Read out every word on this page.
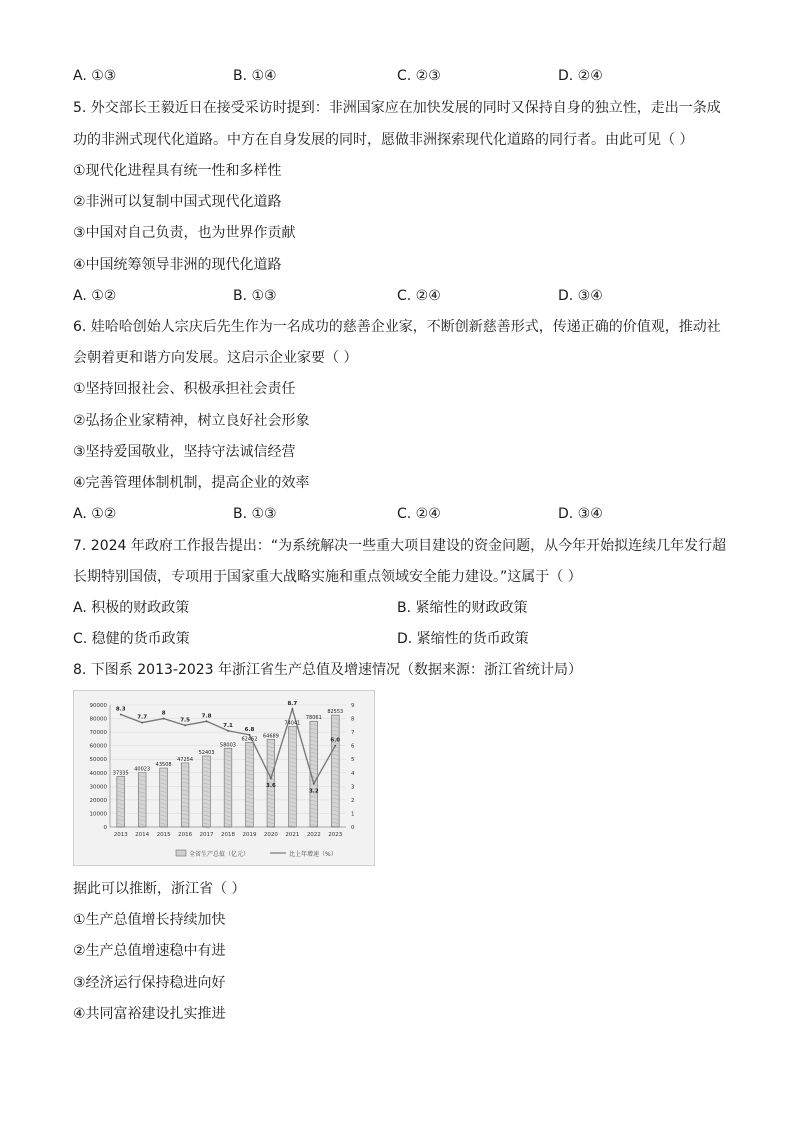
A. ①③	B. ①④	C. ②③	D. ②④
5. 外交部长王毅近日在接受采访时提到：非洲国家应在加快发展的同时又保持自身的独立性，走出一条成
功的非洲式现代化道路。中方在自身发展的同时，愿做非洲探索现代化道路的同行者。由此可见（ ）
①现代化进程具有统一性和多样性
②非洲可以复制中国式现代化道路
③中国对自己负责，也为世界作贡献
④中国统筹领导非洲的现代化道路
A. ①②	B. ①③	C. ②④	D. ③④
6. 娃哈哈创始人宗庆后先生作为一名成功的慈善企业家，不断创新慈善形式，传递正确的价值观，推动社
会朝着更和谐方向发展。这启示企业家要（ ）
①坚持回报社会、积极承担社会责任
②弘扬企业家精神，树立良好社会形象
③坚持爱国敬业，坚持守法诚信经营
④完善管理体制机制，提高企业的效率
A. ①②	B. ①③	C. ②④	D. ③④
7. 2024 年政府工作报告提出：“为系统解决一些重大项目建设的资金问题，从今年开始拟连续几年发行超
长期特别国债，专项用于国家重大战略实施和重点领域安全能力建设。”这属于（ ）
A. 积极的财政政策	B. 紧缩性的财政政策
C. 稳健的货币政策	D. 紧缩性的货币政策
8. 下图系 2013-2023 年浙江省生产总值及增速情况（数据来源：浙江省统计局）
37335
40023
43508
47254
52403
58003
62462
64689
74041
78061
82553
8.3
7.7
8
7.5
7.8
7.1
6.8
3.6
8.7
3.2
6.0
90000
80000
70000
60000
50000
40000
30000
20000
10000
0
9
8
7
6
5
4
3
2
1
0
2013 2014 2015 2016 2017 2018 2019 2020 2021 2022 2023
全省生产总值（亿元）	比上年增速（%）
据此可以推断，浙江省（ ）
①生产总值增长持续加快
②生产总值增速稳中有进
③经济运行保持稳进向好
④共同富裕建设扎实推进
